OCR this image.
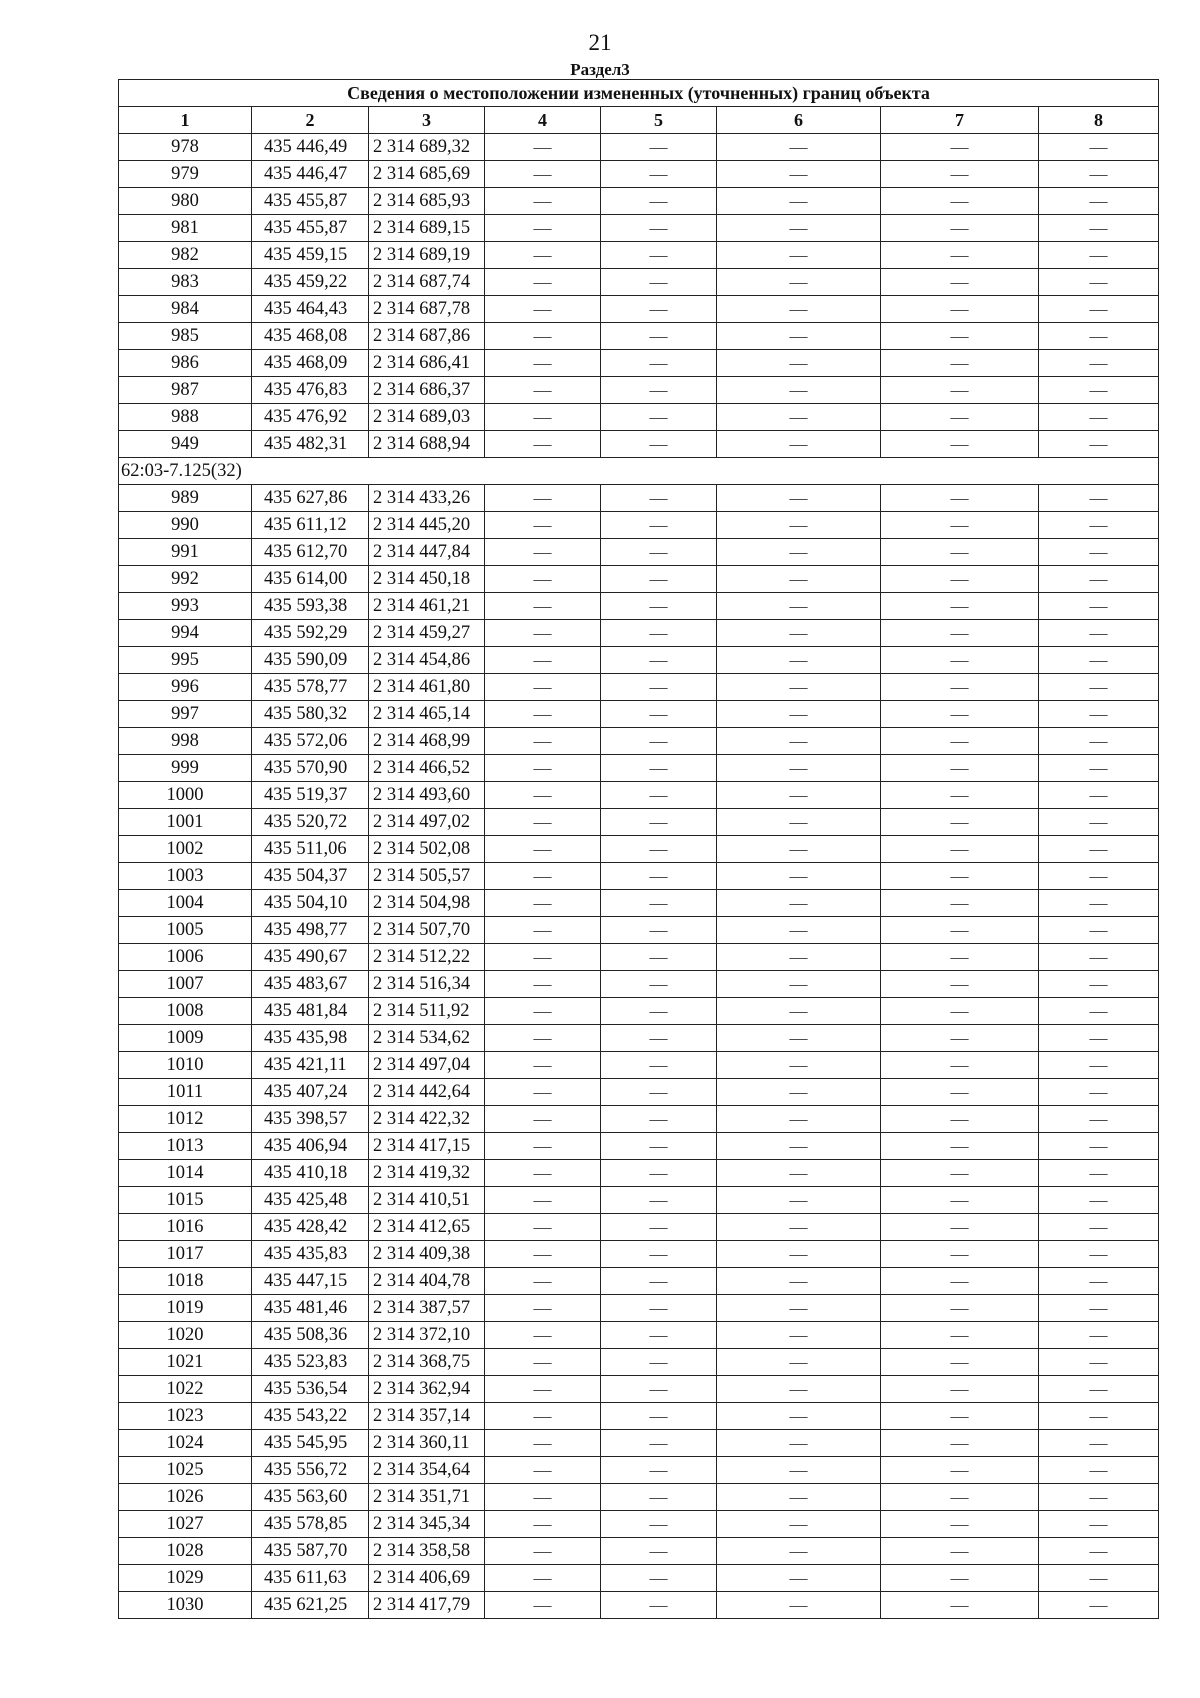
21
Раздел3
Сведения о местоположении измененных (уточненных) границ объекта							
1	2	3	4	5	6	7	8
978	435 446,49	2 314 689,32	—	—	—	—	—
979	435 446,47	2 314 685,69	—	—	—	—	—
980	435 455,87	2 314 685,93	—	—	—	—	—
981	435 455,87	2 314 689,15	—	—	—	—	—
982	435 459,15	2 314 689,19	—	—	—	—	—
983	435 459,22	2 314 687,74	—	—	—	—	—
984	435 464,43	2 314 687,78	—	—	—	—	—
985	435 468,08	2 314 687,86	—	—	—	—	—
986	435 468,09	2 314 686,41	—	—	—	—	—
987	435 476,83	2 314 686,37	—	—	—	—	—
988	435 476,92	2 314 689,03	—	—	—	—	—
949	435 482,31	2 314 688,94	—	—	—	—	—
62:03-7.125(32)							
989	435 627,86	2 314 433,26	—	—	—	—	—
990	435 611,12	2 314 445,20	—	—	—	—	—
991	435 612,70	2 314 447,84	—	—	—	—	—
992	435 614,00	2 314 450,18	—	—	—	—	—
993	435 593,38	2 314 461,21	—	—	—	—	—
994	435 592,29	2 314 459,27	—	—	—	—	—
995	435 590,09	2 314 454,86	—	—	—	—	—
996	435 578,77	2 314 461,80	—	—	—	—	—
997	435 580,32	2 314 465,14	—	—	—	—	—
998	435 572,06	2 314 468,99	—	—	—	—	—
999	435 570,90	2 314 466,52	—	—	—	—	—
1000	435 519,37	2 314 493,60	—	—	—	—	—
1001	435 520,72	2 314 497,02	—	—	—	—	—
1002	435 511,06	2 314 502,08	—	—	—	—	—
1003	435 504,37	2 314 505,57	—	—	—	—	—
1004	435 504,10	2 314 504,98	—	—	—	—	—
1005	435 498,77	2 314 507,70	—	—	—	—	—
1006	435 490,67	2 314 512,22	—	—	—	—	—
1007	435 483,67	2 314 516,34	—	—	—	—	—
1008	435 481,84	2 314 511,92	—	—	—	—	—
1009	435 435,98	2 314 534,62	—	—	—	—	—
1010	435 421,11	2 314 497,04	—	—	—	—	—
1011	435 407,24	2 314 442,64	—	—	—	—	—
1012	435 398,57	2 314 422,32	—	—	—	—	—
1013	435 406,94	2 314 417,15	—	—	—	—	—
1014	435 410,18	2 314 419,32	—	—	—	—	—
1015	435 425,48	2 314 410,51	—	—	—	—	—
1016	435 428,42	2 314 412,65	—	—	—	—	—
1017	435 435,83	2 314 409,38	—	—	—	—	—
1018	435 447,15	2 314 404,78	—	—	—	—	—
1019	435 481,46	2 314 387,57	—	—	—	—	—
1020	435 508,36	2 314 372,10	—	—	—	—	—
1021	435 523,83	2 314 368,75	—	—	—	—	—
1022	435 536,54	2 314 362,94	—	—	—	—	—
1023	435 543,22	2 314 357,14	—	—	—	—	—
1024	435 545,95	2 314 360,11	—	—	—	—	—
1025	435 556,72	2 314 354,64	—	—	—	—	—
1026	435 563,60	2 314 351,71	—	—	—	—	—
1027	435 578,85	2 314 345,34	—	—	—	—	—
1028	435 587,70	2 314 358,58	—	—	—	—	—
1029	435 611,63	2 314 406,69	—	—	—	—	—
1030	435 621,25	2 314 417,79	—	—	—	—	—
